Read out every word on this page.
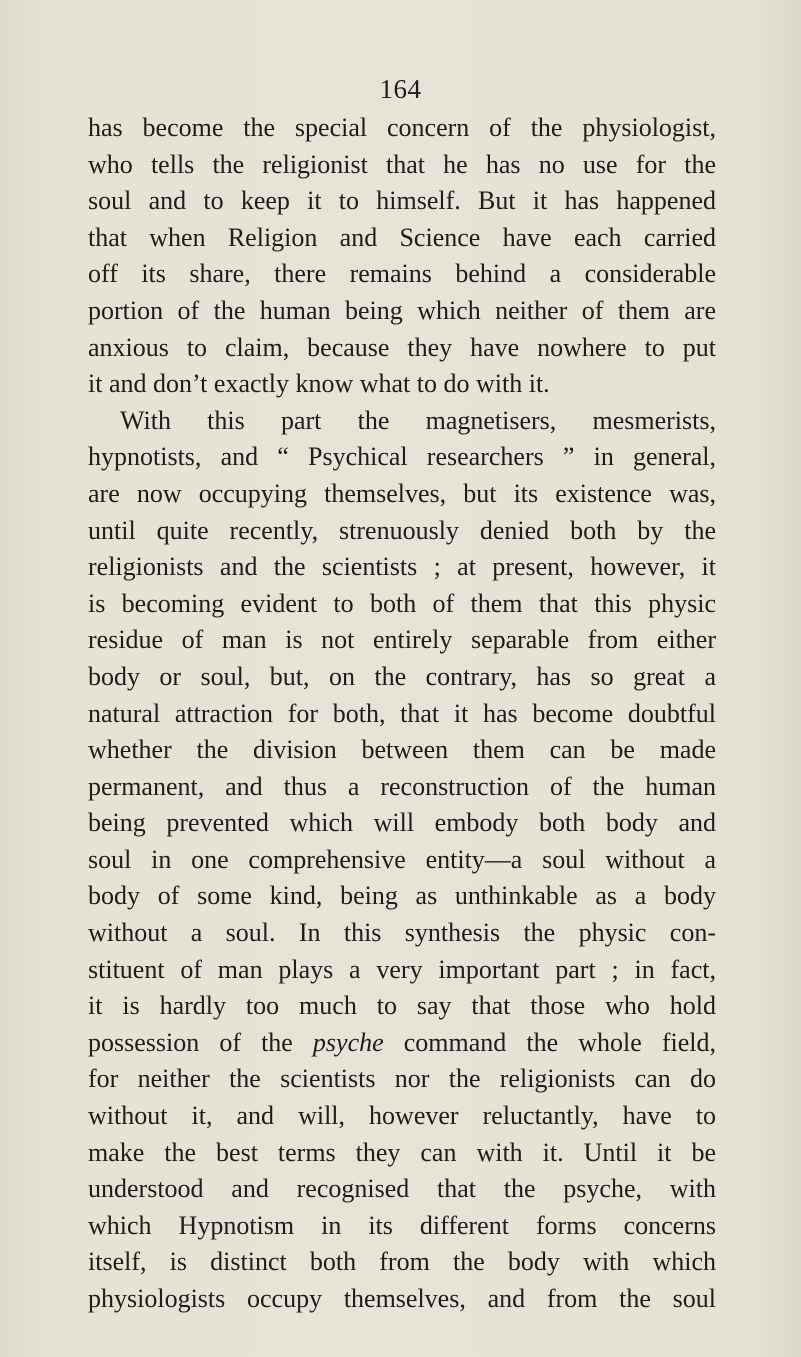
164
has become the special concern of the physiologist,
who tells the religionist that he has no use for the
soul and to keep it to himself. But it has happened
that when Religion and Science have each carried
off its share, there remains behind a considerable
portion of the human being which neither of them are
anxious to claim, because they have nowhere to put
it and don’t exactly know what to do with it.
With this part the magnetisers, mesmerists,
hypnotists, and “ Psychical researchers ” in general,
are now occupying themselves, but its existence was,
until quite recently, strenuously denied both by the
religionists and the scientists ; at present, however, it
is becoming evident to both of them that this physic
residue of man is not entirely separable from either
body or soul, but, on the contrary, has so great a
natural attraction for both, that it has become doubtful
whether the division between them can be made
permanent, and thus a reconstruction of the human
being prevented which will embody both body and
soul in one comprehensive entity—a soul without a
body of some kind, being as unthinkable as a body
without a soul. In this synthesis the physic con-
stituent of man plays a very important part ; in fact,
it is hardly too much to say that those who hold
possession of the psyche command the whole field,
for neither the scientists nor the religionists can do
without it, and will, however reluctantly, have to
make the best terms they can with it. Until it be
understood and recognised that the psyche, with
which Hypnotism in its different forms concerns
itself, is distinct both from the body with which
physiologists occupy themselves, and from the soul
